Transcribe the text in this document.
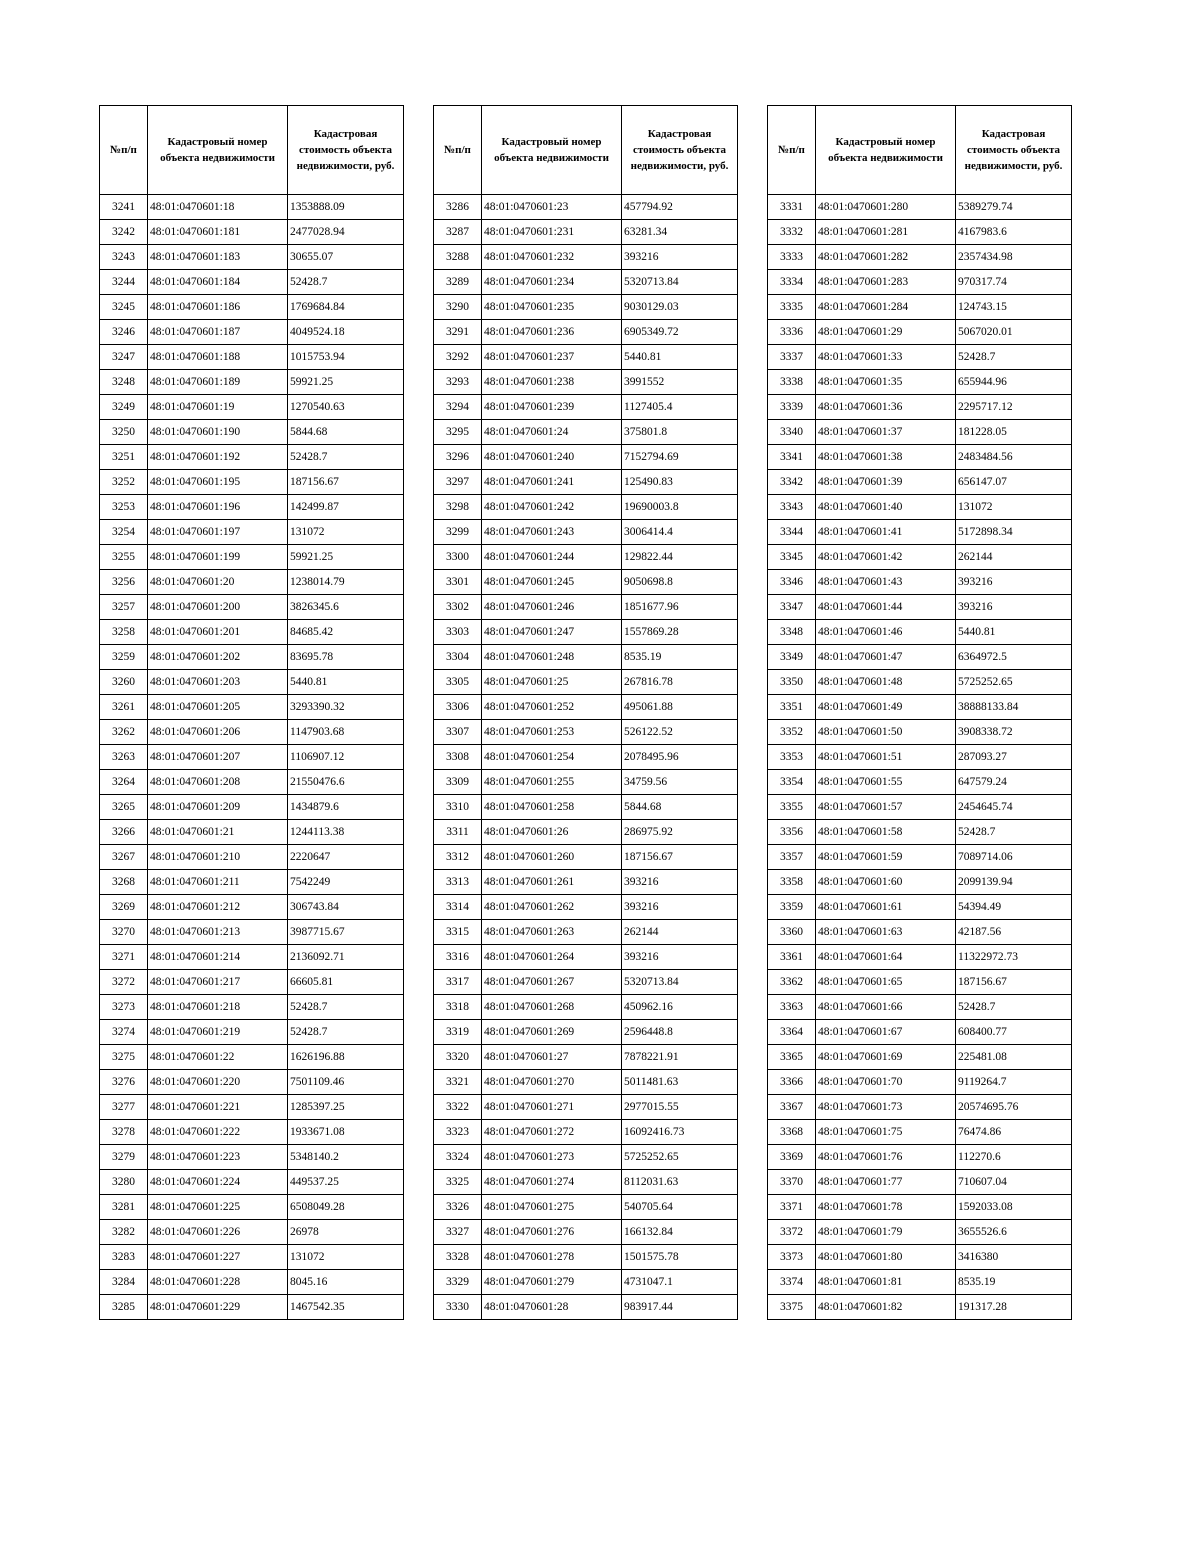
№п/п	Кадастровый номер объекта недвижимости	Кадастровая стоимость объекта недвижимости, руб.
3241	48:01:0470601:18	1353888.09
3242	48:01:0470601:181	2477028.94
3243	48:01:0470601:183	30655.07
3244	48:01:0470601:184	52428.7
3245	48:01:0470601:186	1769684.84
3246	48:01:0470601:187	4049524.18
3247	48:01:0470601:188	1015753.94
3248	48:01:0470601:189	59921.25
3249	48:01:0470601:19	1270540.63
3250	48:01:0470601:190	5844.68
3251	48:01:0470601:192	52428.7
3252	48:01:0470601:195	187156.67
3253	48:01:0470601:196	142499.87
3254	48:01:0470601:197	131072
3255	48:01:0470601:199	59921.25
3256	48:01:0470601:20	1238014.79
3257	48:01:0470601:200	3826345.6
3258	48:01:0470601:201	84685.42
3259	48:01:0470601:202	83695.78
3260	48:01:0470601:203	5440.81
3261	48:01:0470601:205	3293390.32
3262	48:01:0470601:206	1147903.68
3263	48:01:0470601:207	1106907.12
3264	48:01:0470601:208	21550476.6
3265	48:01:0470601:209	1434879.6
3266	48:01:0470601:21	1244113.38
3267	48:01:0470601:210	2220647
3268	48:01:0470601:211	7542249
3269	48:01:0470601:212	306743.84
3270	48:01:0470601:213	3987715.67
3271	48:01:0470601:214	2136092.71
3272	48:01:0470601:217	66605.81
3273	48:01:0470601:218	52428.7
3274	48:01:0470601:219	52428.7
3275	48:01:0470601:22	1626196.88
3276	48:01:0470601:220	7501109.46
3277	48:01:0470601:221	1285397.25
3278	48:01:0470601:222	1933671.08
3279	48:01:0470601:223	5348140.2
3280	48:01:0470601:224	449537.25
3281	48:01:0470601:225	6508049.28
3282	48:01:0470601:226	26978
3283	48:01:0470601:227	131072
3284	48:01:0470601:228	8045.16
3285	48:01:0470601:229	1467542.35
№п/п	Кадастровый номер объекта недвижимости	Кадастровая стоимость объекта недвижимости, руб.
3286	48:01:0470601:23	457794.92
3287	48:01:0470601:231	63281.34
3288	48:01:0470601:232	393216
3289	48:01:0470601:234	5320713.84
3290	48:01:0470601:235	9030129.03
3291	48:01:0470601:236	6905349.72
3292	48:01:0470601:237	5440.81
3293	48:01:0470601:238	3991552
3294	48:01:0470601:239	1127405.4
3295	48:01:0470601:24	375801.8
3296	48:01:0470601:240	7152794.69
3297	48:01:0470601:241	125490.83
3298	48:01:0470601:242	19690003.8
3299	48:01:0470601:243	3006414.4
3300	48:01:0470601:244	129822.44
3301	48:01:0470601:245	9050698.8
3302	48:01:0470601:246	1851677.96
3303	48:01:0470601:247	1557869.28
3304	48:01:0470601:248	8535.19
3305	48:01:0470601:25	267816.78
3306	48:01:0470601:252	495061.88
3307	48:01:0470601:253	526122.52
3308	48:01:0470601:254	2078495.96
3309	48:01:0470601:255	34759.56
3310	48:01:0470601:258	5844.68
3311	48:01:0470601:26	286975.92
3312	48:01:0470601:260	187156.67
3313	48:01:0470601:261	393216
3314	48:01:0470601:262	393216
3315	48:01:0470601:263	262144
3316	48:01:0470601:264	393216
3317	48:01:0470601:267	5320713.84
3318	48:01:0470601:268	450962.16
3319	48:01:0470601:269	2596448.8
3320	48:01:0470601:27	7878221.91
3321	48:01:0470601:270	5011481.63
3322	48:01:0470601:271	2977015.55
3323	48:01:0470601:272	16092416.73
3324	48:01:0470601:273	5725252.65
3325	48:01:0470601:274	8112031.63
3326	48:01:0470601:275	540705.64
3327	48:01:0470601:276	166132.84
3328	48:01:0470601:278	1501575.78
3329	48:01:0470601:279	4731047.1
3330	48:01:0470601:28	983917.44
№п/п	Кадастровый номер объекта недвижимости	Кадастровая стоимость объекта недвижимости, руб.
3331	48:01:0470601:280	5389279.74
3332	48:01:0470601:281	4167983.6
3333	48:01:0470601:282	2357434.98
3334	48:01:0470601:283	970317.74
3335	48:01:0470601:284	124743.15
3336	48:01:0470601:29	5067020.01
3337	48:01:0470601:33	52428.7
3338	48:01:0470601:35	655944.96
3339	48:01:0470601:36	2295717.12
3340	48:01:0470601:37	181228.05
3341	48:01:0470601:38	2483484.56
3342	48:01:0470601:39	656147.07
3343	48:01:0470601:40	131072
3344	48:01:0470601:41	5172898.34
3345	48:01:0470601:42	262144
3346	48:01:0470601:43	393216
3347	48:01:0470601:44	393216
3348	48:01:0470601:46	5440.81
3349	48:01:0470601:47	6364972.5
3350	48:01:0470601:48	5725252.65
3351	48:01:0470601:49	38888133.84
3352	48:01:0470601:50	3908338.72
3353	48:01:0470601:51	287093.27
3354	48:01:0470601:55	647579.24
3355	48:01:0470601:57	2454645.74
3356	48:01:0470601:58	52428.7
3357	48:01:0470601:59	7089714.06
3358	48:01:0470601:60	2099139.94
3359	48:01:0470601:61	54394.49
3360	48:01:0470601:63	42187.56
3361	48:01:0470601:64	11322972.73
3362	48:01:0470601:65	187156.67
3363	48:01:0470601:66	52428.7
3364	48:01:0470601:67	608400.77
3365	48:01:0470601:69	225481.08
3366	48:01:0470601:70	9119264.7
3367	48:01:0470601:73	20574695.76
3368	48:01:0470601:75	76474.86
3369	48:01:0470601:76	112270.6
3370	48:01:0470601:77	710607.04
3371	48:01:0470601:78	1592033.08
3372	48:01:0470601:79	3655526.6
3373	48:01:0470601:80	3416380
3374	48:01:0470601:81	8535.19
3375	48:01:0470601:82	191317.28
